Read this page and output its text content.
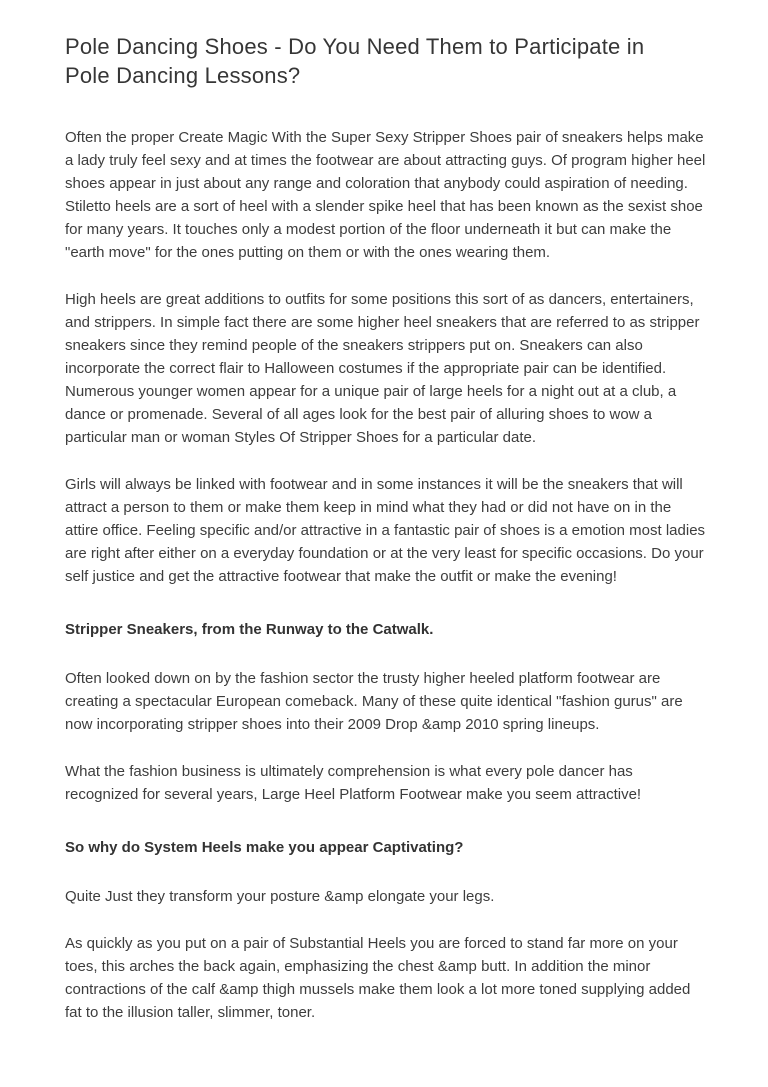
Pole Dancing Shoes - Do You Need Them to Participate in Pole Dancing Lessons?

Often the proper Create Magic With the Super Sexy Stripper Shoes pair of sneakers helps make a lady truly feel sexy and at times the footwear are about attracting guys. Of program higher heel shoes appear in just about any range and coloration that anybody could aspiration of needing. Stiletto heels are a sort of heel with a slender spike heel that has been known as the sexist shoe for many years. It touches only a modest portion of the floor underneath it but can make the "earth move" for the ones putting on them or with the ones wearing them.

High heels are great additions to outfits for some positions this sort of as dancers, entertainers, and strippers. In simple fact there are some higher heel sneakers that are referred to as stripper sneakers since they remind people of the sneakers strippers put on. Sneakers can also incorporate the correct flair to Halloween costumes if the appropriate pair can be identified. Numerous younger women appear for a unique pair of large heels for a night out at a club, a dance or promenade. Several of all ages look for the best pair of alluring shoes to wow a particular man or woman Styles Of Stripper Shoes for a particular date.

Girls will always be linked with footwear and in some instances it will be the sneakers that will attract a person to them or make them keep in mind what they had or did not have on in the attire office. Feeling specific and/or attractive in a fantastic pair of shoes is a emotion most ladies are right after either on a everyday foundation or at the very least for specific occasions. Do your self justice and get the attractive footwear that make the outfit or make the evening!

Stripper Sneakers, from the Runway to the Catwalk.

Often looked down on by the fashion sector the trusty higher heeled platform footwear are creating a spectacular European comeback. Many of these quite identical "fashion gurus" are now incorporating stripper shoes into their 2009 Drop &amp 2010 spring lineups.

What the fashion business is ultimately comprehension is what every pole dancer has recognized for several years, Large Heel Platform Footwear make you seem attractive!

So why do System Heels make you appear Captivating?

Quite Just they transform your posture &amp elongate your legs.

As quickly as you put on a pair of Substantial Heels you are forced to stand far more on your toes, this arches the back again, emphasizing the chest &amp butt. In addition the minor contractions of the calf &amp thigh mussels make them look a lot more toned supplying added fat to the illusion taller, slimmer, toner.
